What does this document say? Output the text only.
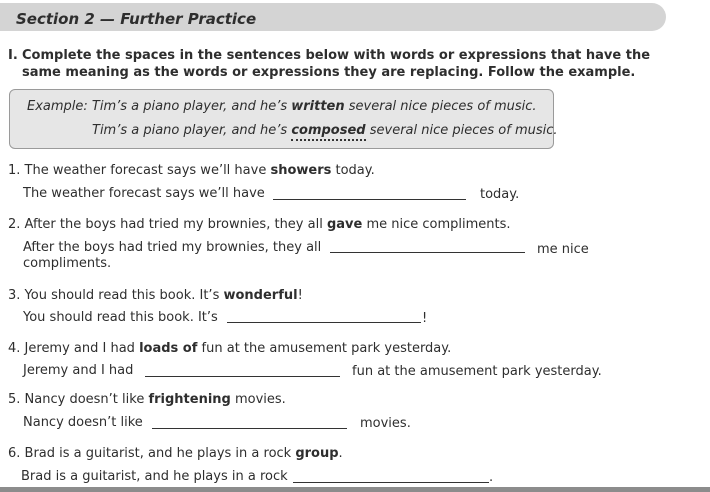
Section 2 — Further Practice
I. Complete the spaces in the sentences below with words or expressions that have the same meaning as the words or expressions they are replacing. Follow the example.
Example: Tim’s a piano player, and he’s written several nice pieces of music.
Tim’s a piano player, and he’s composed several nice pieces of music.
1. The weather forecast says we’ll have showers today.
The weather forecast says we’ll have	today.
2. After the boys had tried my brownies, they all gave me nice compliments.
After the boys had tried my brownies, they all	me nice
compliments.
3. You should read this book. It’s wonderful!
You should read this book. It’s	!
4. Jeremy and I had loads of fun at the amusement park yesterday.
Jeremy and I had	fun at the amusement park yesterday.
5. Nancy doesn’t like frightening movies.
Nancy doesn’t like	movies.
6. Brad is a guitarist, and he plays in a rock group.
Brad is a guitarist, and he plays in a rock	.
